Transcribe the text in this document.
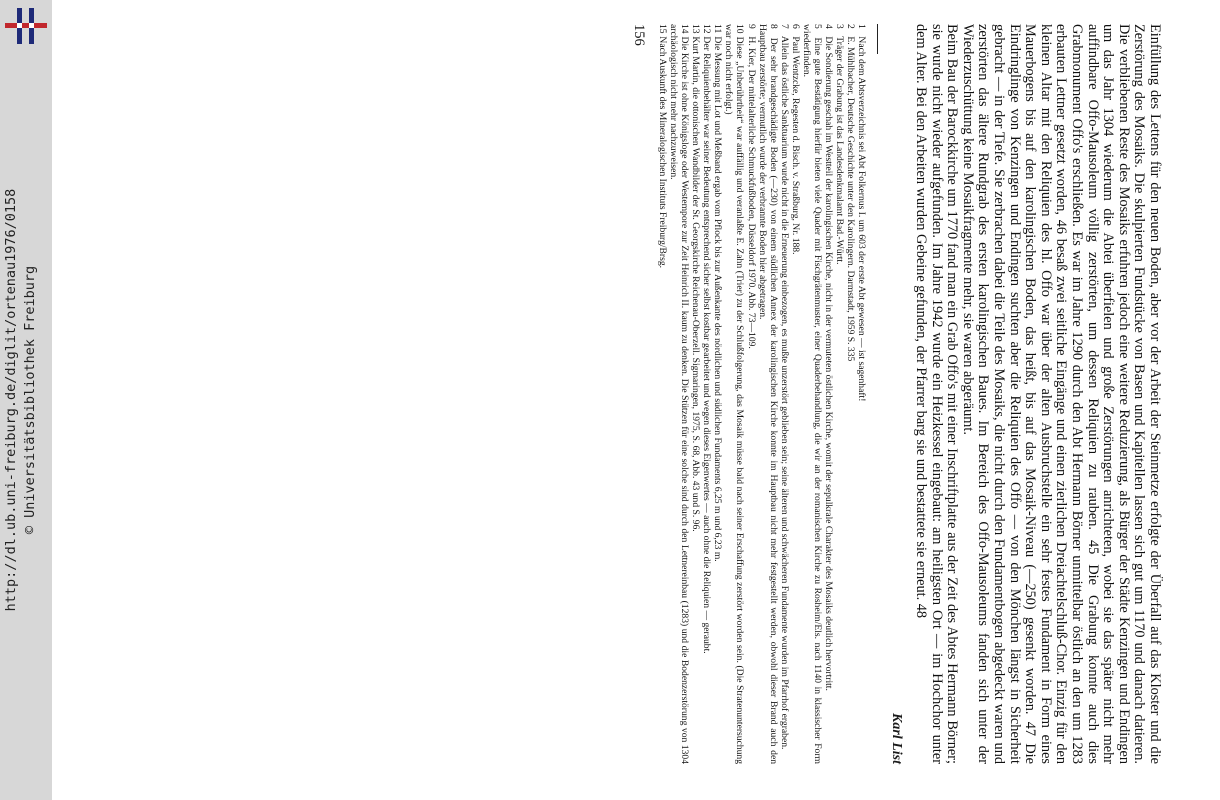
http://dl.ub.uni-freiburg.de/diglit/ortenau1976/0158 © Universitätsbibliothek Freiburg	Einfüllung des Lettens für den neuen Boden, aber vor der Arbeit der Steinmetze erfolgte der Überfall auf das Kloster und die Zerstörung des Mosaiks. Die skulpierten Fundstücke von Basen und Kapitellen lassen sich gut um 1170 und danach datieren. Die verbliebenen Reste des Mosaiks erfuhren jedoch eine weitere Reduzierung, als Bürger der Städte Kenzingen und Endingen um das Jahr 1304 wiederum die Abtei überfielen und große Zerstörungen anrichteten, wobei sie das später nicht mehr auffindbare Offo-Mausoleum völlig zerstörten, um dessen Reliquien zu rauben. 45 Die Grabung konnte auch dies Grabmonument Offo's erschließen. Es war im Jahre 1290 durch den Abt Hermann Börner unmittelbar östlich an den um 1283 erbauten Lettner gesetzt worden, 46 besaß zwei seitliche Eingänge und einen zierlichen Dreiachtelschluß-Chor. Einzig für den kleinen Altar mit den Reliquien des hl. Offo war über der alten Ausbruchstelle ein sehr festes Fundament in Form eines Mauerbogens bis auf den karolingischen Boden, das heißt, bis auf das Mosaik-Niveau (—250) gesenkt worden. 47 Die Eindringlinge von Kenzingen und Endingen suchten aber die Reliquien des Offo — von den Mönchen längst in Sicherheit gebracht — in der Tiefe. Sie zerbrachen dabei die Teile des Mosaiks, die nicht durch den Fundamentbogen abgedeckt waren und zerstörten das ältere Rundgrab des ersten karolingischen Baues. Im Bereich des Offo-Mausoleums fanden sich unter der Wiederzuschüttung keine Mosaikfragmente mehr, sie waren abgeräumt.

Beim Bau der Barockkirche um 1770 fand man ein Grab Offo's mit einer Inschriftplatte aus der Zeit des Abtes Hermann Börner; sie wurde nicht wieder aufgefunden. Im Jahre 1942 wurde ein Heizkessel eingebaut: am heiligsten Ort — im Hochchor unter dem Alter. Bei den Arbeiten wurden Gebeine gefunden, der Pfarrer barg sie und bestattete sie erneut. 48

Karl List
1 Nach dem Abtsverzeichnis sei Abt Folkernus I. um 603 der erste Abt gewesen — ist sagenhaft!
2 E. Mühlbacher, Deutsche Geschichte unter den Karolingern. Darmstadt, 1959 S. 335
3 Träger der Grabung ist das Landesdenkmalamt Bad.-Württ.
4 Die Sondierung geschah im Westteil der karolingischen Kirche, nicht in der vermuteten östlichen Kirche, womit der sepulkrale Charakter des Mosaiks deutlich hervortritt.
5 Eine gute Bestätigung hierfür bieten viele Quader mit Fischgrätenmuster, einer Quaderbehandlung, die wir an der romanischen Kirche zu Rosheim/Els. nach 1140 in klassischer Form wiederfinden.
6 Paul Wentzcke, Regesten d. Bisch. v. Straßburg, Nr. 188.
7 Allein das östliche Sanktuarium wurde nicht in die Erneuerung einbezogen, es mußte unzerstört geblieben sein; seine älteren und schwächeren Fundamente wurden im Pfarrhof ergraben.
8 Der sehr brandgeschädigte Boden (—230) von einem südlichen Annex der karolingischen Kirche konnte im Hauptbau nicht mehr festgestellt werden, obwohl dieser Brand auch den Hauptbau zerstörte; vermutlich wurde der verbrannte Boden hier abgetragen.
9 H. Kier, Der mittelalterliche Schmuckfußboden, Düsseldorf 1970. Abb. 73—109.
10 Diese „Unberührtheit“ war auffällig und veranlaßte E. Zahn (Trier) zu der Schlußfolgerung, das Mosaik müsse bald nach seiner Erschaffung zerstört worden sein. (Die Stratenuntersuchung war noch nicht erfolgt.)
11 Die Messung mit Lot und Meßband ergab vom Pflock bis zur Außenkante des nördlichen und südlichen Fundaments 6,25 m und 6,23 m.
12 Der Reliquienbehälter war seiner Bedeutung entsprechend sicher selbst kostbar gearbeitet und wegen dieses Eigenwertes — auch ohne die Reliquien — geraubt.
13 Kurt Martin, die ottonischen Wandbilder der St. Georgskirche Reichenau-Oberzell. Sigmaringen, 1975, S. 68, Abb. 43 und S. 96.
14 Die Kirche ist ohne Königsloge oder Westempore zur Zeit Heinrich II. kaum zu denken. Die Stützen für eine solche sind durch den Lettnereinbau (1283) und die Bodenzerstörung von 1304 archäologisch nicht mehr nachzuweisen.
15 Nach Auskunft des Mineralogischen Instituts Freiburg/Brsg.
156
